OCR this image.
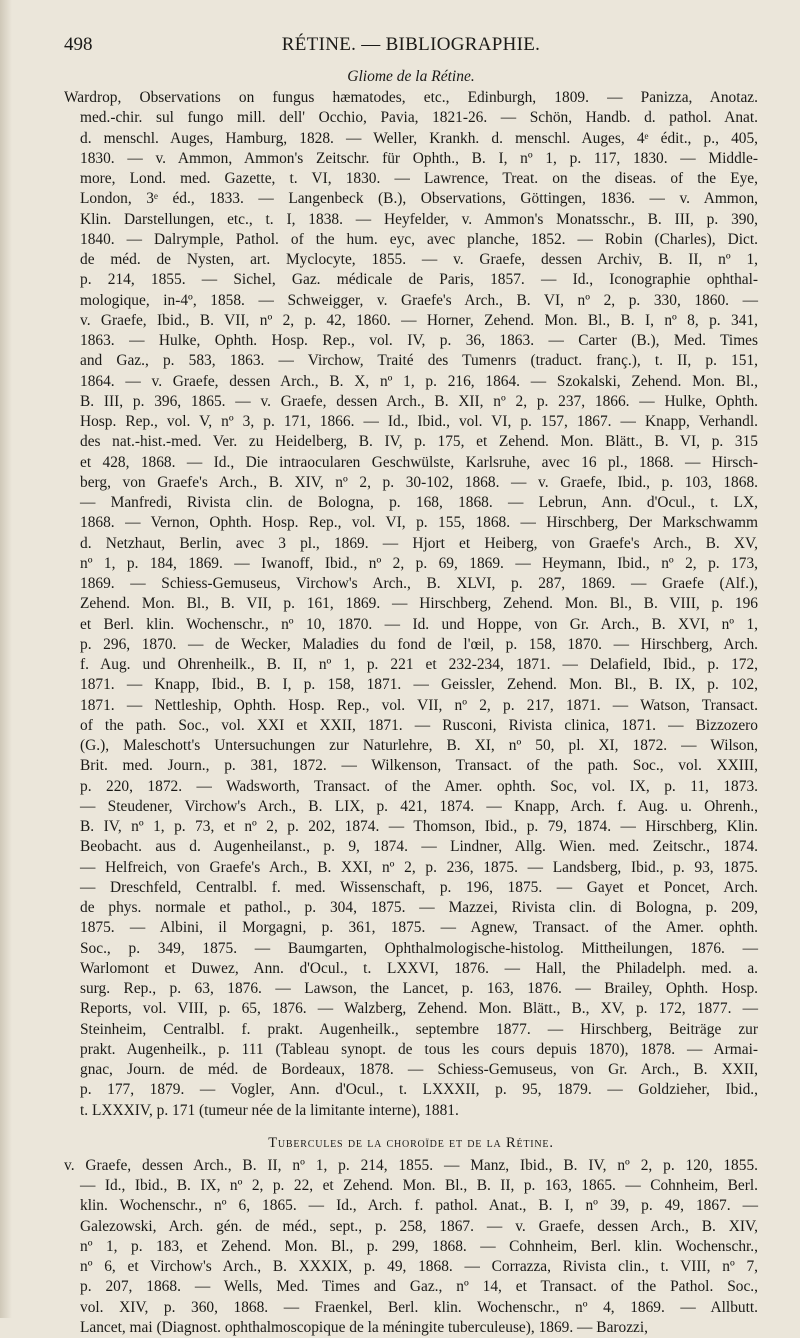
498	RÉTINE. — BIBLIOGRAPHIE.
Gliome de la Rétine.
Wardrop, Observations on fungus hæmatodes, etc., Edinburgh, 1809. — Panizza, Anotaz.
med.-chir. sul fungo mill. dell' Occhio, Pavia, 1821-26. — Schön, Handb. d. pathol. Anat.
d. menschl. Auges, Hamburg, 1828. — Weller, Krankh. d. menschl. Auges, 4ᵉ édit., p., 405,
1830. — v. Ammon, Ammon's Zeitschr. für Ophth., B. I, nº 1, p. 117, 1830. — Middle-
more, Lond. med. Gazette, t. VI, 1830. — Lawrence, Treat. on the diseas. of the Eye,
London, 3ᵉ éd., 1833. — Langenbeck (B.), Observations, Göttingen, 1836. — v. Ammon,
Klin. Darstellungen, etc., t. I, 1838. — Heyfelder, v. Ammon's Monatsschr., B. III, p. 390,
1840. — Dalrymple, Pathol. of the hum. eyc, avec planche, 1852. — Robin (Charles), Dict.
de méd. de Nysten, art. Myclocyte, 1855. — v. Graefe, dessen Archiv, B. II, nº 1,
p. 214, 1855. — Sichel, Gaz. médicale de Paris, 1857. — Id., Iconographie ophthal-
mologique, in-4º, 1858. — Schweigger, v. Graefe's Arch., B. VI, nº 2, p. 330, 1860. —
v. Graefe, Ibid., B. VII, nº 2, p. 42, 1860. — Horner, Zehend. Mon. Bl., B. I, nº 8, p. 341,
1863. — Hulke, Ophth. Hosp. Rep., vol. IV, p. 36, 1863. — Carter (B.), Med. Times
and Gaz., p. 583, 1863. — Virchow, Traité des Tumenrs (traduct. franç.), t. II, p. 151,
1864. — v. Graefe, dessen Arch., B. X, nº 1, p. 216, 1864. — Szokalski, Zehend. Mon. Bl.,
B. III, p. 396, 1865. — v. Graefe, dessen Arch., B. XII, nº 2, p. 237, 1866. — Hulke, Ophth.
Hosp. Rep., vol. V, nº 3, p. 171, 1866. — Id., Ibid., vol. VI, p. 157, 1867. — Knapp, Verhandl.
des nat.-hist.-med. Ver. zu Heidelberg, B. IV, p. 175, et Zehend. Mon. Blätt., B. VI, p. 315
et 428, 1868. — Id., Die intraocularen Geschwülste, Karlsruhe, avec 16 pl., 1868. — Hirsch-
berg, von Graefe's Arch., B. XIV, nº 2, p. 30-102, 1868. — v. Graefe, Ibid., p. 103, 1868.
— Manfredi, Rivista clin. de Bologna, p. 168, 1868. — Lebrun, Ann. d'Ocul., t. LX,
1868. — Vernon, Ophth. Hosp. Rep., vol. VI, p. 155, 1868. — Hirschberg, Der Markschwamm
d. Netzhaut, Berlin, avec 3 pl., 1869. — Hjort et Heiberg, von Graefe's Arch., B. XV,
nº 1, p. 184, 1869. — Iwanoff, Ibid., nº 2, p. 69, 1869. — Heymann, Ibid., nº 2, p. 173,
1869. — Schiess-Gemuseus, Virchow's Arch., B. XLVI, p. 287, 1869. — Graefe (Alf.),
Zehend. Mon. Bl., B. VII, p. 161, 1869. — Hirschberg, Zehend. Mon. Bl., B. VIII, p. 196
et Berl. klin. Wochenschr., nº 10, 1870. — Id. und Hoppe, von Gr. Arch., B. XVI, nº 1,
p. 296, 1870. — de Wecker, Maladies du fond de l'œil, p. 158, 1870. — Hirschberg, Arch.
f. Aug. und Ohrenheilk., B. II, nº 1, p. 221 et 232-234, 1871. — Delafield, Ibid., p. 172,
1871. — Knapp, Ibid., B. I, p. 158, 1871. — Geissler, Zehend. Mon. Bl., B. IX, p. 102,
1871. — Nettleship, Ophth. Hosp. Rep., vol. VII, nº 2, p. 217, 1871. — Watson, Transact.
of the path. Soc., vol. XXI et XXII, 1871. — Rusconi, Rivista clinica, 1871. — Bizzozero
(G.), Maleschott's Untersuchungen zur Naturlehre, B. XI, nº 50, pl. XI, 1872. — Wilson,
Brit. med. Journ., p. 381, 1872. — Wilkenson, Transact. of the path. Soc., vol. XXIII,
p. 220, 1872. — Wadsworth, Transact. of the Amer. ophth. Soc, vol. IX, p. 11, 1873.
— Steudener, Virchow's Arch., B. LIX, p. 421, 1874. — Knapp, Arch. f. Aug. u. Ohrenh.,
B. IV, nº 1, p. 73, et nº 2, p. 202, 1874. — Thomson, Ibid., p. 79, 1874. — Hirschberg, Klin.
Beobacht. aus d. Augenheilanst., p. 9, 1874. — Lindner, Allg. Wien. med. Zeitschr., 1874.
— Helfreich, von Graefe's Arch., B. XXI, nº 2, p. 236, 1875. — Landsberg, Ibid., p. 93, 1875.
— Dreschfeld, Centralbl. f. med. Wissenschaft, p. 196, 1875. — Gayet et Poncet, Arch.
de phys. normale et pathol., p. 304, 1875. — Mazzei, Rivista clin. di Bologna, p. 209,
1875. — Albini, il Morgagni, p. 361, 1875. — Agnew, Transact. of the Amer. ophth.
Soc., p. 349, 1875. — Baumgarten, Ophthalmologische-histolog. Mittheilungen, 1876. —
Warlomont et Duwez, Ann. d'Ocul., t. LXXVI, 1876. — Hall, the Philadelph. med. a.
surg. Rep., p. 63, 1876. — Lawson, the Lancet, p. 163, 1876. — Brailey, Ophth. Hosp.
Reports, vol. VIII, p. 65, 1876. — Walzberg, Zehend. Mon. Blätt., B., XV, p. 172, 1877. —
Steinheim, Centralbl. f. prakt. Augenheilk., septembre 1877. — Hirschberg, Beiträge zur
prakt. Augenheilk., p. 111 (Tableau synopt. de tous les cours depuis 1870), 1878. — Armai-
gnac, Journ. de méd. de Bordeaux, 1878. — Schiess-Gemuseus, von Gr. Arch., B. XXII,
p. 177, 1879. — Vogler, Ann. d'Ocul., t. LXXXII, p. 95, 1879. — Goldzieher, Ibid.,
t. LXXXIV, p. 171 (tumeur née de la limitante interne), 1881.
Tubercules de la choroïde et de la Rétine.
v. Graefe, dessen Arch., B. II, nº 1, p. 214, 1855. — Manz, Ibid., B. IV, nº 2, p. 120, 1855.
— Id., Ibid., B. IX, nº 2, p. 22, et Zehend. Mon. Bl., B. II, p. 163, 1865. — Cohnheim, Berl.
klin. Wochenschr., nº 6, 1865. — Id., Arch. f. pathol. Anat., B. I, nº 39, p. 49, 1867. —
Galezowski, Arch. gén. de méd., sept., p. 258, 1867. — v. Graefe, dessen Arch., B. XIV,
nº 1, p. 183, et Zehend. Mon. Bl., p. 299, 1868. — Cohnheim, Berl. klin. Wochenschr.,
nº 6, et Virchow's Arch., B. XXXIX, p. 49, 1868. — Corrazza, Rivista clin., t. VIII, nº 7,
p. 207, 1868. — Wells, Med. Times and Gaz., nº 14, et Transact. of the Pathol. Soc.,
vol. XIV, p. 360, 1868. — Fraenkel, Berl. klin. Wochenschr., nº 4, 1869. — Allbutt.
Lancet, mai (Diagnost. ophthalmoscopique de la méningite tuberculeuse), 1869. — Barozzi,
